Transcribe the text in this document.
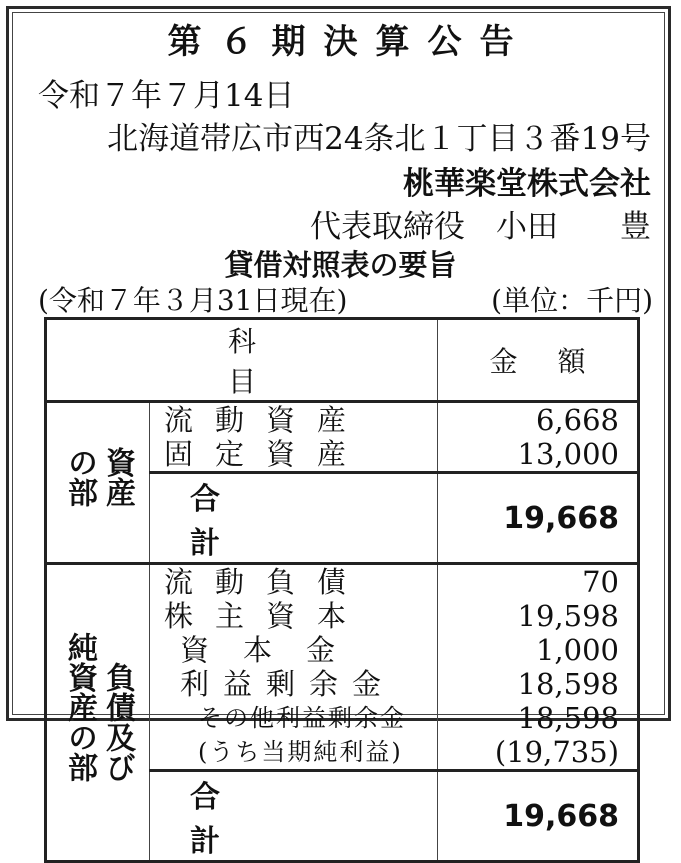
第６期決算公告
令和７年７月14日
北海道帯広市西24条北１丁目３番19号
桃華楽堂株式会社
代表取締役　小田　　豊
貸借対照表の要旨
(令和７年３月31日現在)	(単位：千円)
科目		金額
の部 資産	流動資産	6,668
	固定資産	13,000
	合計	19,668
純資産の部 負債及び	流動負債	70
	株主資本	19,598
	資本金	1,000
	利益剰余金	18,598
	その他利益剰余金	18,598
	(うち当期純利益)	(19,735)
	合計	19,668
